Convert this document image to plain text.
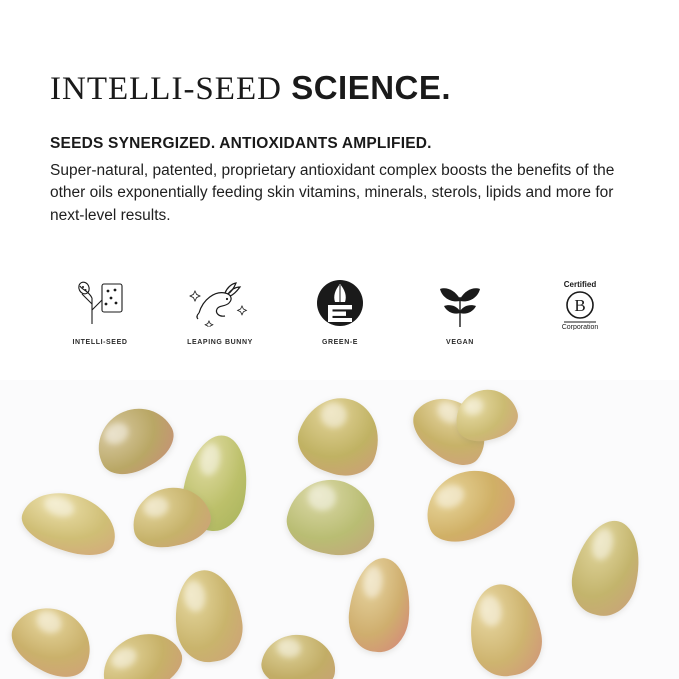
INTELLI-SEED SCIENCE.
SEEDS SYNERGIZED. ANTIOXIDANTS AMPLIFIED.
Super-natural, patented, proprietary antioxidant complex boosts the benefits of the other oils exponentially feeding skin vitamins, minerals, sterols, lipids and more for next-level results.
INTELLI-SEED	LEAPING BUNNY	GREEN-E	VEGAN
Certified
B
Corporation
